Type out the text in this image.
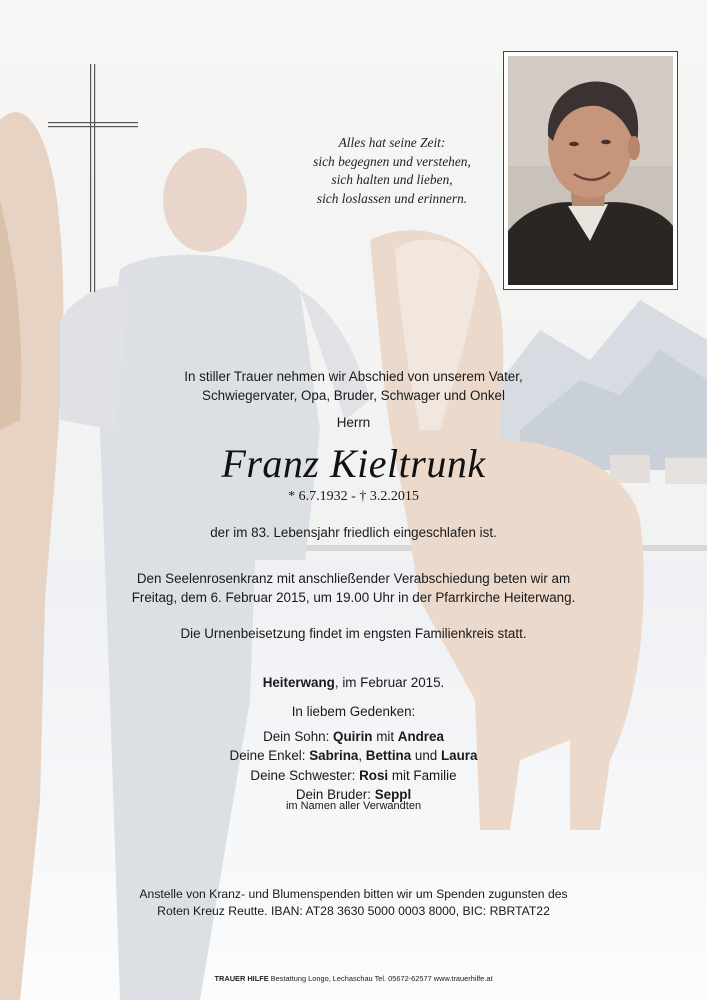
Alles hat seine Zeit:
sich begegnen und verstehen,
sich halten und lieben,
sich loslassen und erinnern.
In stiller Trauer nehmen wir Abschied von unserem Vater,
Schwiegervater, Opa, Bruder, Schwager und Onkel
Herrn
Franz Kieltrunk
* 6.7.1932 - † 3.2.2015
der im 83. Lebensjahr friedlich eingeschlafen ist.
Den Seelenrosenkranz mit anschließender Verabschiedung beten wir am
Freitag, dem 6. Februar 2015, um 19.00 Uhr in der Pfarrkirche Heiterwang.
Die Urnenbeisetzung findet im engsten Familienkreis statt.
Heiterwang, im Februar 2015.
In liebem Gedenken:
Dein Sohn: Quirin mit Andrea
Deine Enkel: Sabrina, Bettina und Laura
Deine Schwester: Rosi mit Familie
Dein Bruder: Seppl
im Namen aller Verwandten
Anstelle von Kranz- und Blumenspenden bitten wir um Spenden zugunsten des
Roten Kreuz Reutte. IBAN: AT28 3630 5000 0003 8000, BIC: RBRTAT22
TRAUER HILFE Bestattung Longo, Lechaschau Tel. 05672-62577 www.trauerhilfe.at
